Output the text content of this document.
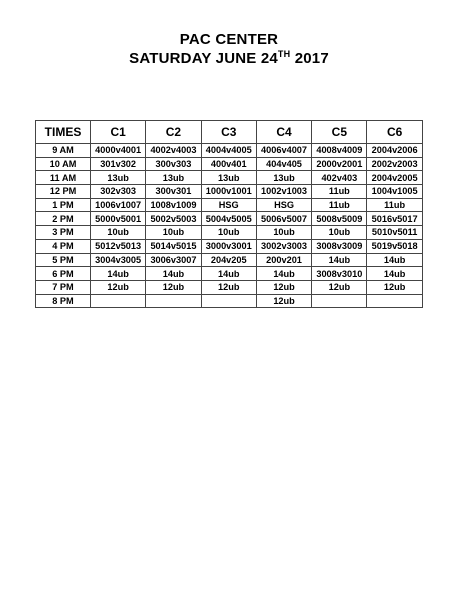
PAC CENTER
SATURDAY JUNE 24TH 2017
TIMES	C1	C2	C3	C4	C5	C6
9 AM	4000v4001	4002v4003	4004v4005	4006v4007	4008v4009	2004v2006
10 AM	301v302	300v303	400v401	404v405	2000v2001	2002v2003
11 AM	13ub	13ub	13ub	13ub	402v403	2004v2005
12 PM	302v303	300v301	1000v1001	1002v1003	11ub	1004v1005
1 PM	1006v1007	1008v1009	HSG	HSG	11ub	11ub
2 PM	5000v5001	5002v5003	5004v5005	5006v5007	5008v5009	5016v5017
3 PM	10ub	10ub	10ub	10ub	10ub	5010v5011
4 PM	5012v5013	5014v5015	3000v3001	3002v3003	3008v3009	5019v5018
5 PM	3004v3005	3006v3007	204v205	200v201	14ub	14ub
6 PM	14ub	14ub	14ub	14ub	3008v3010	14ub
7 PM	12ub	12ub	12ub	12ub	12ub	12ub
8 PM				12ub		
